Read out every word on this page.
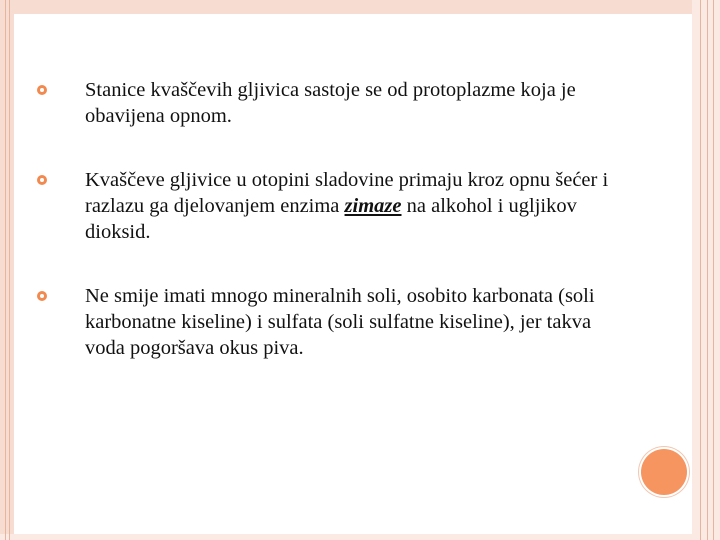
Stanice kvaščevih gljivica sastoje se od protoplazme koja je obavijena opnom.
Kvaščeve gljivice u otopini sladovine primaju kroz opnu šećer i razlazu ga djelovanjem enzima zimaze na alkohol i ugljikov dioksid.
Ne smije imati mnogo mineralnih soli, osobito karbonata (soli karbonatne kiseline) i sulfata (soli sulfatne kiseline), jer takva voda pogoršava okus piva.
